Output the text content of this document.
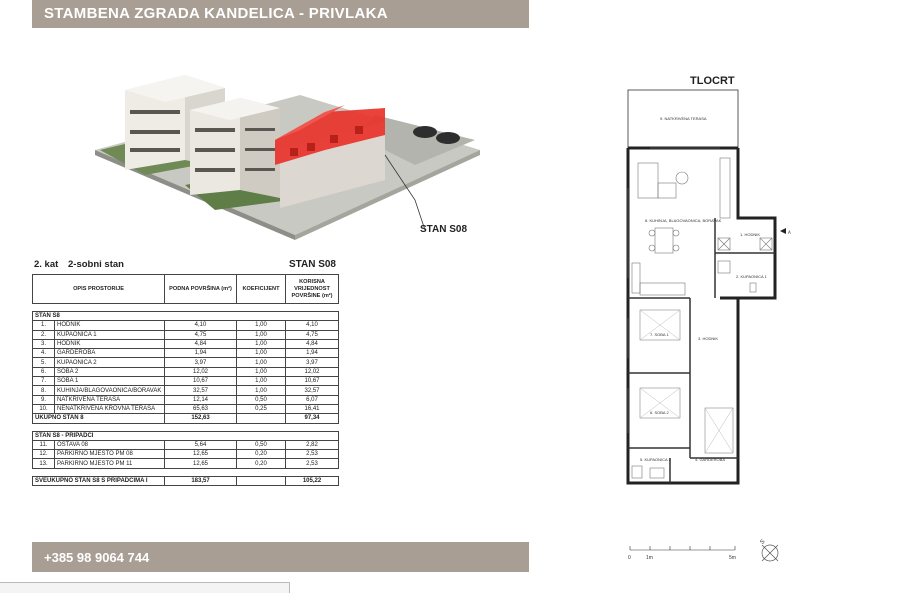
STAMBENA ZGRADA KANDELICA - PRIVLAKA
STAN S08
2. kat 2-sobni stan	STAN S08
OPIS PROSTORIJE		PODNA POVRŠINA (m²)	KOEFICIJENT	KORISNA VRIJEDNOST POVRŠINE (m²)

STAN S8				
1.	HODNIK	4,10	1,00	4,10
2.	KUPAONICA 1	4,75	1,00	4,75
3.	HODNIK	4,84	1,00	4,84
4.	GARDEROBA	1,94	1,00	1,94
5.	KUPAONICA 2	3,97	1,00	3,97
6.	SOBA 2	12,02	1,00	12,02
7.	SOBA 1	10,67	1,00	10,67
8.	KUHINJA/BLAGOVAONICA/BORAVAK	32,57	1,00	32,57
9.	NATKRIVENA TERASA	12,14	0,50	6,07
10.	NENATKRIVENA KROVNA TERASA	65,63	0,25	16,41
UKUPNO STAN 8		152,63		97,34

STAN S8 - PRIPADCI				
11.	OSTAVA 08	5,64	0,50	2,82
12.	PARKIRNO MJESTO PM 08	12,65	0,20	2,53
13.	PARKIRNO MJESTO PM 11	12,65	0,20	2,53

SVEUKUPNO STAN S8 S PRIPADCIMA I		183,57		105,22
TLOCRT
9. NATKRIVENA TERASA
8. KUHINJA, BLAGOVAONICA, BORAVAK
1. HODNIK
2. KUPAONICA 1
A
7. SOBA 1
3. HODNIK
6. SOBA 2
5. KUPAONICA 2	4. GARDEROBA
0	1m	5m
S
+385 98 9064 744
